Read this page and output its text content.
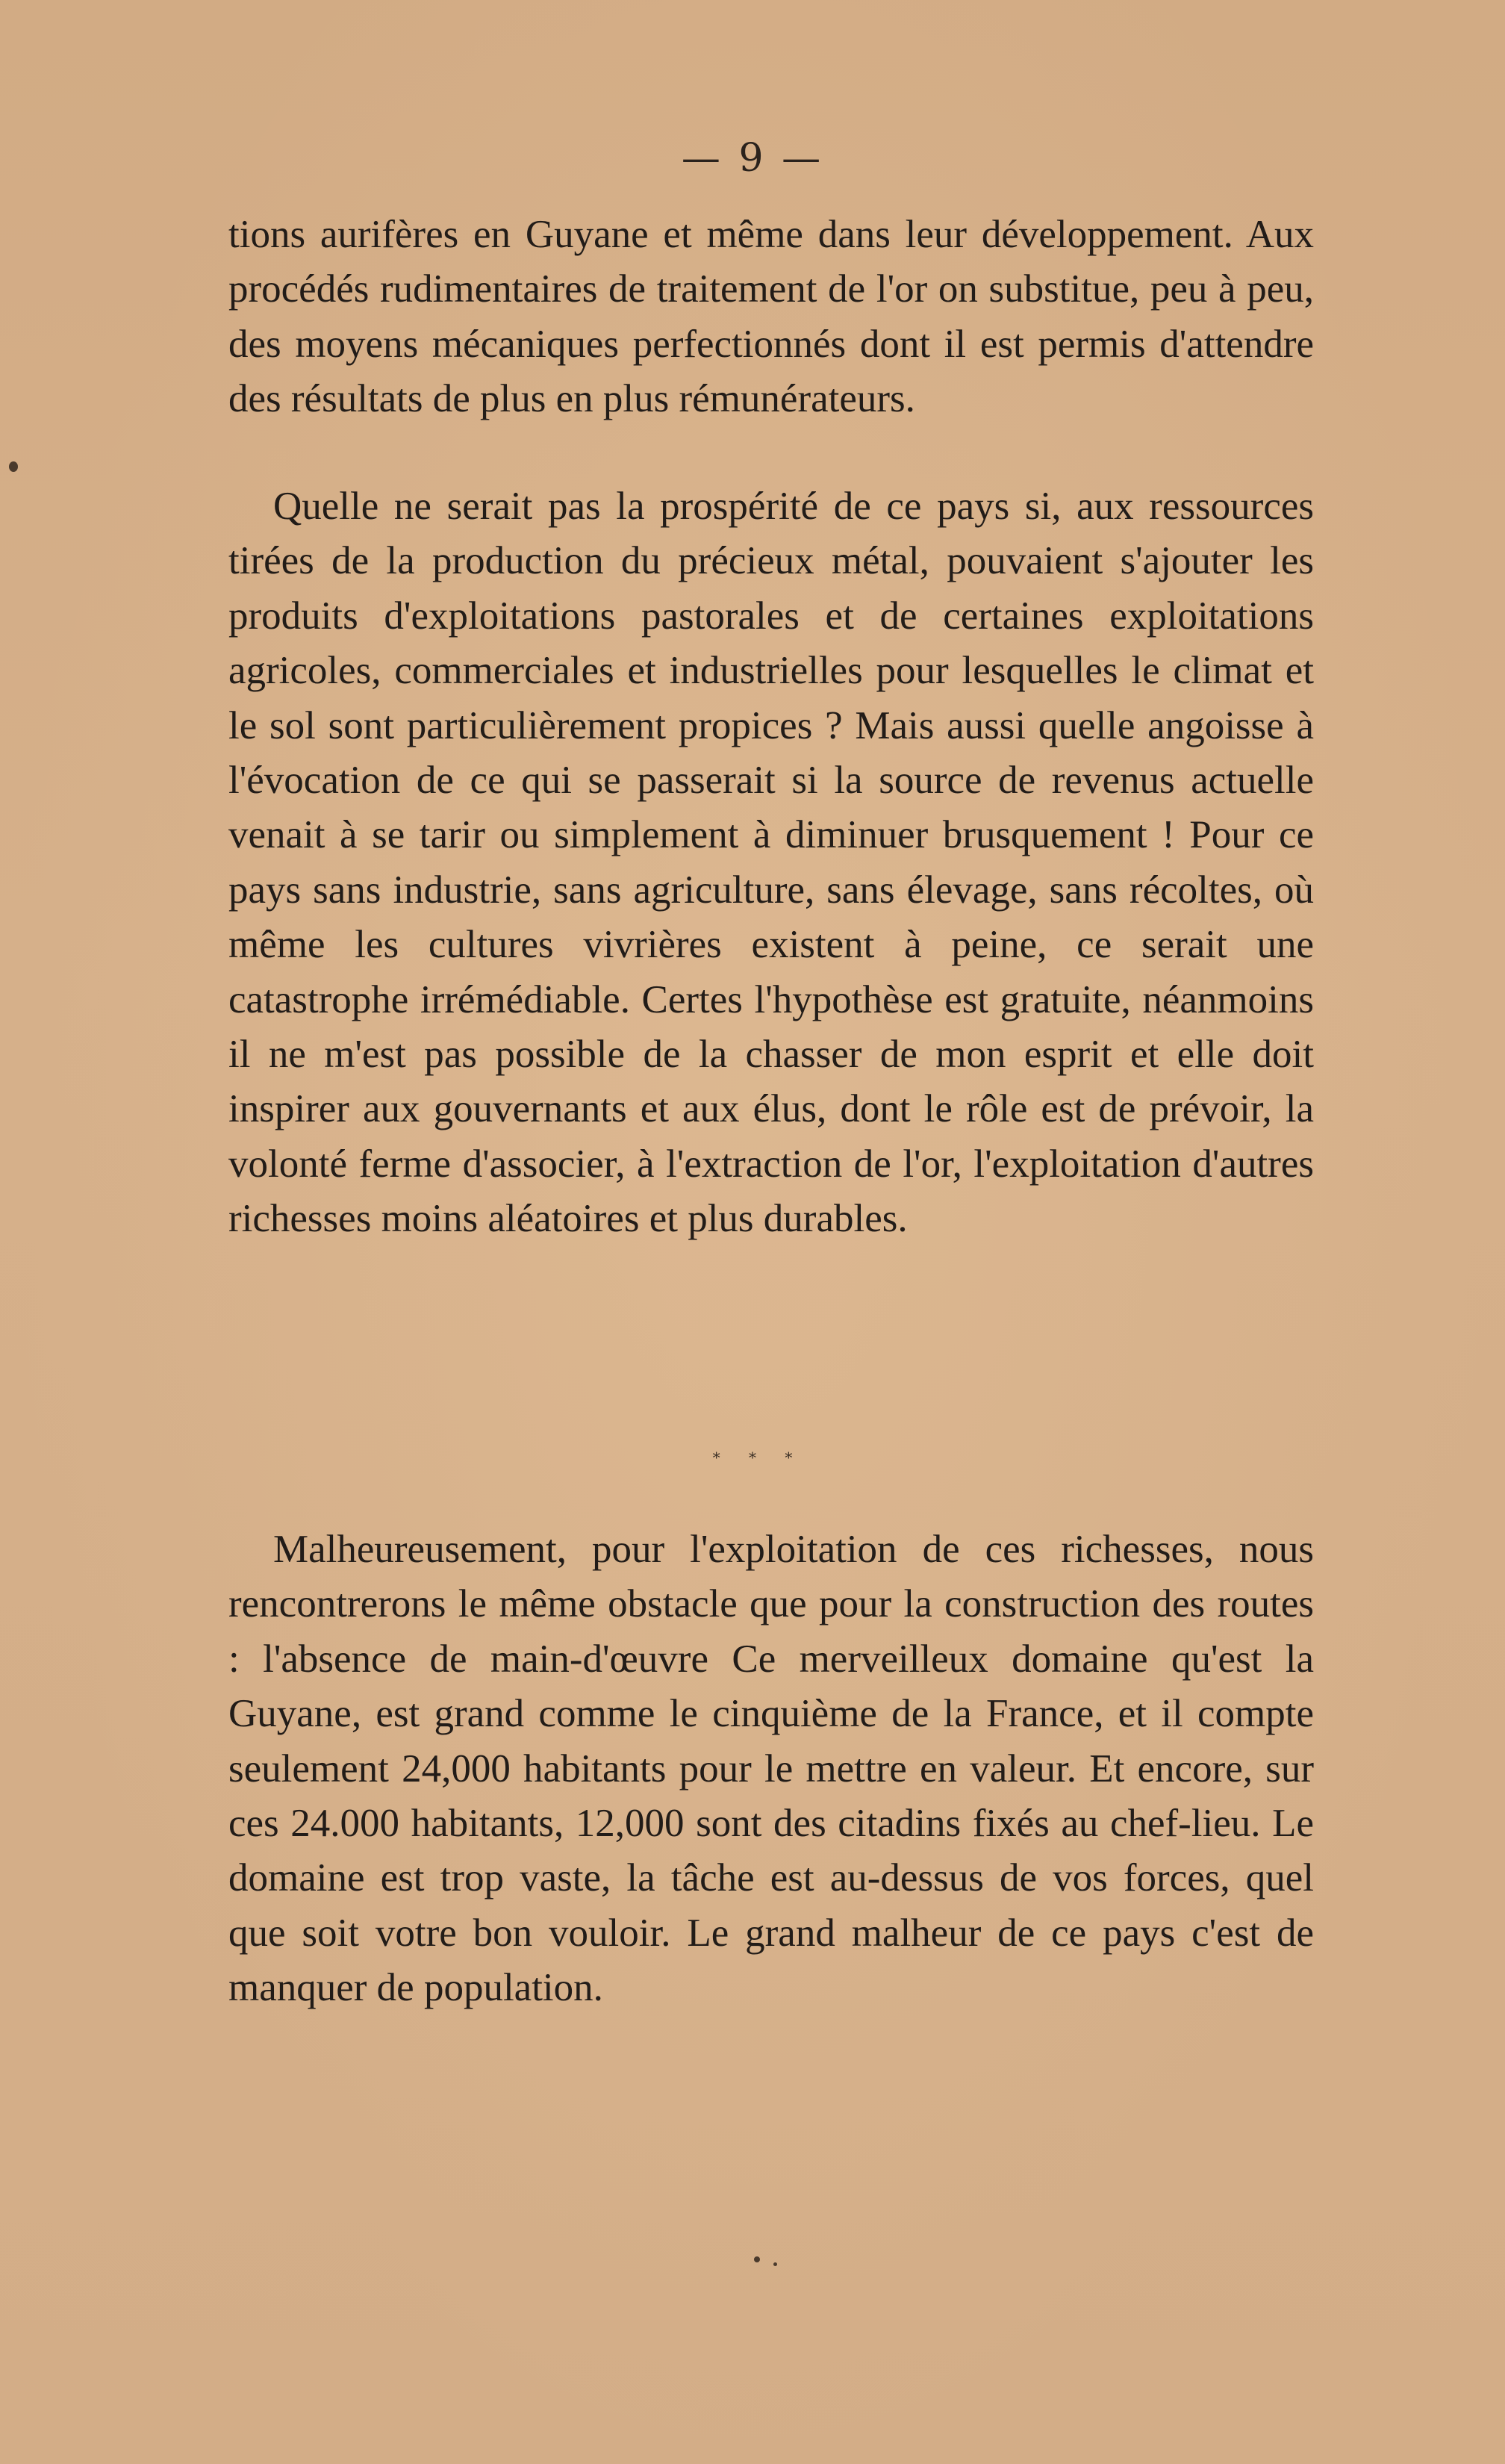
— 9 —

tions aurifères en Guyane et même dans leur développement. Aux procédés rudimentaires de traitement de l'or on substitue, peu à peu, des moyens mécaniques perfectionnés dont il est permis d'attendre des résultats de plus en plus rémunérateurs.

Quelle ne serait pas la prospérité de ce pays si, aux ressources tirées de la production du précieux métal, pouvaient s'ajouter les produits d'exploitations pastorales et de certaines exploitations agricoles, commerciales et industrielles pour lesquelles le climat et le sol sont particulièrement propices ? Mais aussi quelle angoisse à l'évocation de ce qui se passerait si la source de revenus actuelle venait à se tarir ou simplement à diminuer brusquement ! Pour ce pays sans industrie, sans agriculture, sans élevage, sans récoltes, où même les cultures vivrières existent à peine, ce serait une catastrophe irrémédiable. Certes l'hypothèse est gratuite, néanmoins il ne m'est pas possible de la chasser de mon esprit et elle doit inspirer aux gouvernants et aux élus, dont le rôle est de prévoir, la volonté ferme d'associer, à l'extraction de l'or, l'exploitation d'autres richesses moins aléatoires et plus durables.

* * *

Malheureusement, pour l'exploitation de ces richesses, nous rencontrerons le même obstacle que pour la construction des routes : l'absence de main-d'œuvre Ce merveilleux domaine qu'est la Guyane, est grand comme le cinquième de la France, et il compte seulement 24,000 habitants pour le mettre en valeur. Et encore, sur ces 24.000 habitants, 12,000 sont des citadins fixés au chef-lieu. Le domaine est trop vaste, la tâche est au-dessus de vos forces, quel que soit votre bon vouloir. Le grand malheur de ce pays c'est de manquer de population.
